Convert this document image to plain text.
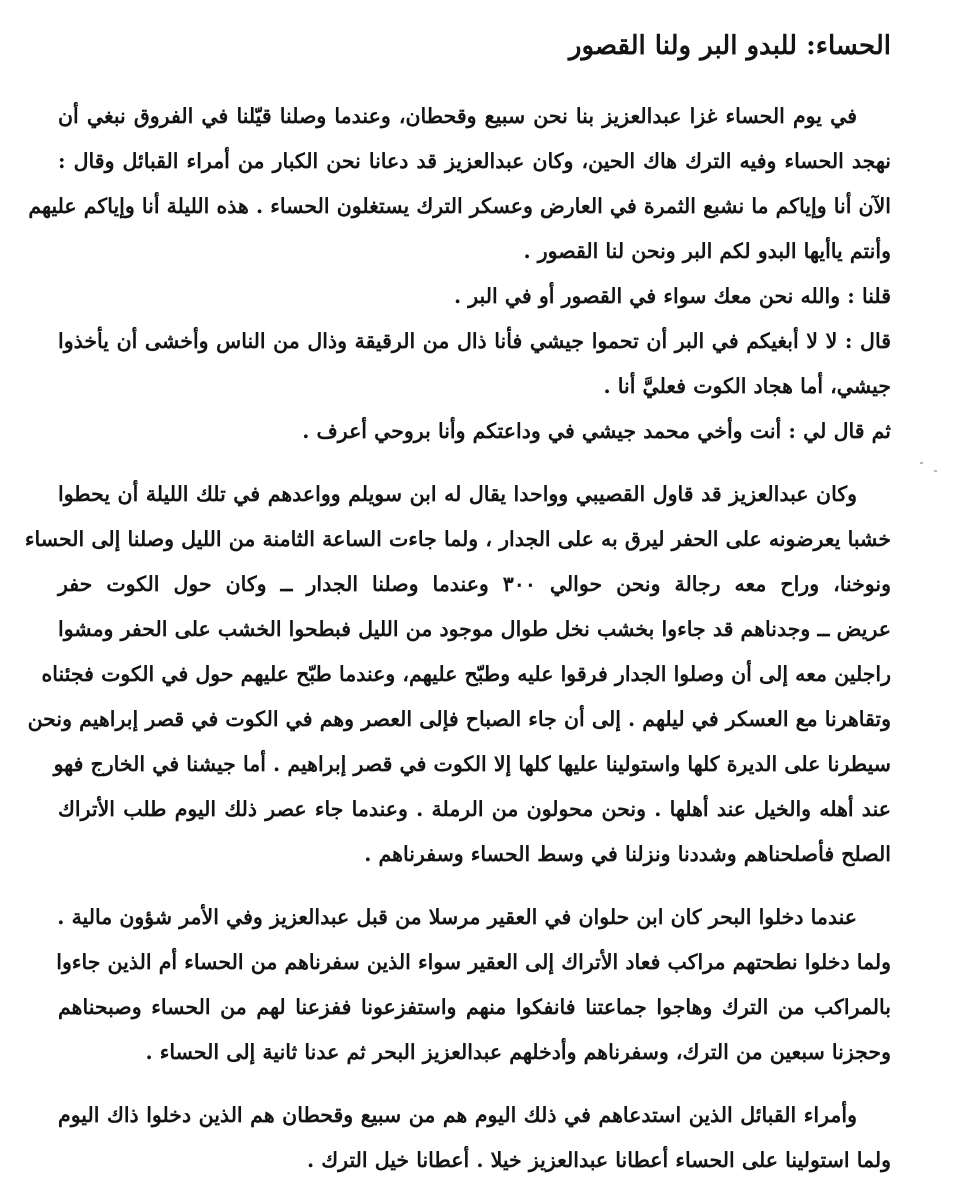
الحساء: للبدو البر ولنا القصور
في يوم الحساء غزا عبدالعزيز بنا نحن سبيع وقحطان، وعندما وصلنا قيّلنا في الفروق نبغي أن
نهجد الحساء وفيه الترك هاك الحين، وكان عبدالعزيز قد دعانا نحن الكبار من أمراء القبائل وقال :
الآن أنا وإياكم ما نشبع الثمرة في العارض وعسكر الترك يستغلون الحساء . هذه الليلة أنا وإياكم عليهم
وأنتم ياأيها البدو لكم البر ونحن لنا القصور .
قلنا : والله نحن معك سواء في القصور أو في البر .
قال : لا لا أبغيكم في البر أن تحموا جيشي فأنا ذال من الرقيقة وذال من الناس وأخشى أن يأخذوا
جيشي، أما هجاد الكوت فعليَّ أنا .
ثم قال لي : أنت وأخي محمد جيشي في وداعتكم وأنا بروحي أعرف .
وكان عبدالعزيز قد قاول القصيبي وواحدا يقال له ابن سويلم وواعدهم في تلك الليلة أن يحطوا
خشبا يعرضونه على الحفر ليرق به على الجدار ، ولما جاءت الساعة الثامنة من الليل وصلنا إلى الحساء
ونوخنا، وراح معه رجالة ونحن حوالي ٣٠٠ وعندما وصلنا الجدار ــ وكان حول الكوت حفر
عريض ــ وجدناهم قد جاءوا بخشب نخل طوال موجود من الليل فبطحوا الخشب على الحفر ومشوا
راجلين معه إلى أن وصلوا الجدار فرقوا عليه وطبّح عليهم، وعندما طبّح عليهم حول في الكوت فجئناه
وتقاهرنا مع العسكر في ليلهم . إلى أن جاء الصباح فإلى العصر وهم في الكوت في قصر إبراهيم ونحن
سيطرنا على الديرة كلها واستولينا عليها كلها إلا الكوت في قصر إبراهيم . أما جيشنا في الخارج فهو
عند أهله والخيل عند أهلها . ونحن محولون من الرملة . وعندما جاء عصر ذلك اليوم طلب الأتراك
الصلح فأصلحناهم وشددنا ونزلنا في وسط الحساء وسفرناهم .
عندما دخلوا البحر كان ابن حلوان في العقير مرسلا من قبل عبدالعزيز وفي الأمر شؤون مالية .
ولما دخلوا نطحتهم مراكب فعاد الأتراك إلى العقير سواء الذين سفرناهم من الحساء أم الذين جاءوا
بالمراكب من الترك وهاجوا جماعتنا فانفكوا منهم واستفزعونا ففزعنا لهم من الحساء وصبحناهم
وحجزنا سبعين من الترك، وسفرناهم وأدخلهم عبدالعزيز البحر ثم عدنا ثانية إلى الحساء .
وأمراء القبائل الذين استدعاهم في ذلك اليوم هم من سبيع وقحطان هم الذين دخلوا ذاك اليوم
ولما استولينا على الحساء أعطانا عبدالعزيز خيلا . أعطانا خيل الترك .
